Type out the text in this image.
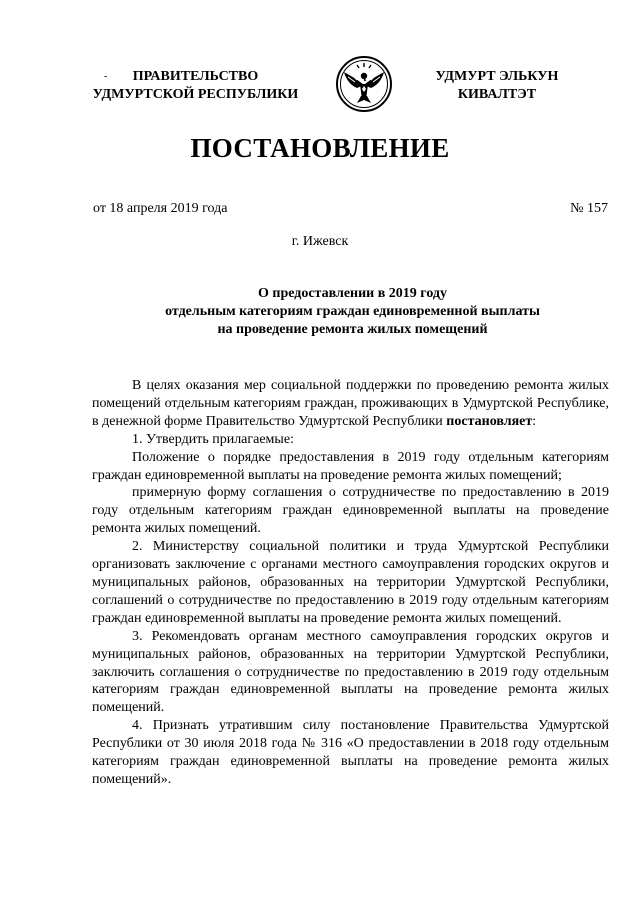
-	ПРАВИТЕЛЬСТВО
УДМУРТСКОЙ РЕСПУБЛИКИ
УДМУРТ ЭЛЬКУН
КИВАЛТЭТ
ПОСТАНОВЛЕНИЕ
от 18 апреля 2019 года	№ 157
г. Ижевск
О предоставлении в 2019 году
отдельным категориям граждан единовременной выплаты
на проведение ремонта жилых помещений

В целях оказания мер социальной поддержки по проведению ремонта жилых помещений отдельным категориям граждан, проживающих в Удмуртской Республике, в денежной форме Правительство Удмуртской Республики постановляет:

1. Утвердить прилагаемые:

Положение о порядке предоставления в 2019 году отдельным категориям граждан единовременной выплаты на проведение ремонта жилых помещений;

примерную форму соглашения о сотрудничестве по предоставлению в 2019 году отдельным категориям граждан единовременной выплаты на проведение ремонта жилых помещений.

2. Министерству социальной политики и труда Удмуртской Республики организовать заключение с органами местного самоуправления городских округов и муниципальных районов, образованных на территории Удмуртской Республики, соглашений о сотрудничестве по предоставлению в 2019 году отдельным категориям граждан единовременной выплаты на проведение ремонта жилых помещений.

3. Рекомендовать органам местного самоуправления городских округов и муниципальных районов, образованных на территории Удмуртской Республики, заключить соглашения о сотрудничестве по предоставлению в 2019 году отдельным категориям граждан единовременной выплаты на проведение ремонта жилых помещений.

4. Признать утратившим силу постановление Правительства Удмуртской Республики от 30 июля 2018 года № 316 «О предоставлении в 2018 году отдельным категориям граждан единовременной выплаты на проведение ремонта жилых помещений».
